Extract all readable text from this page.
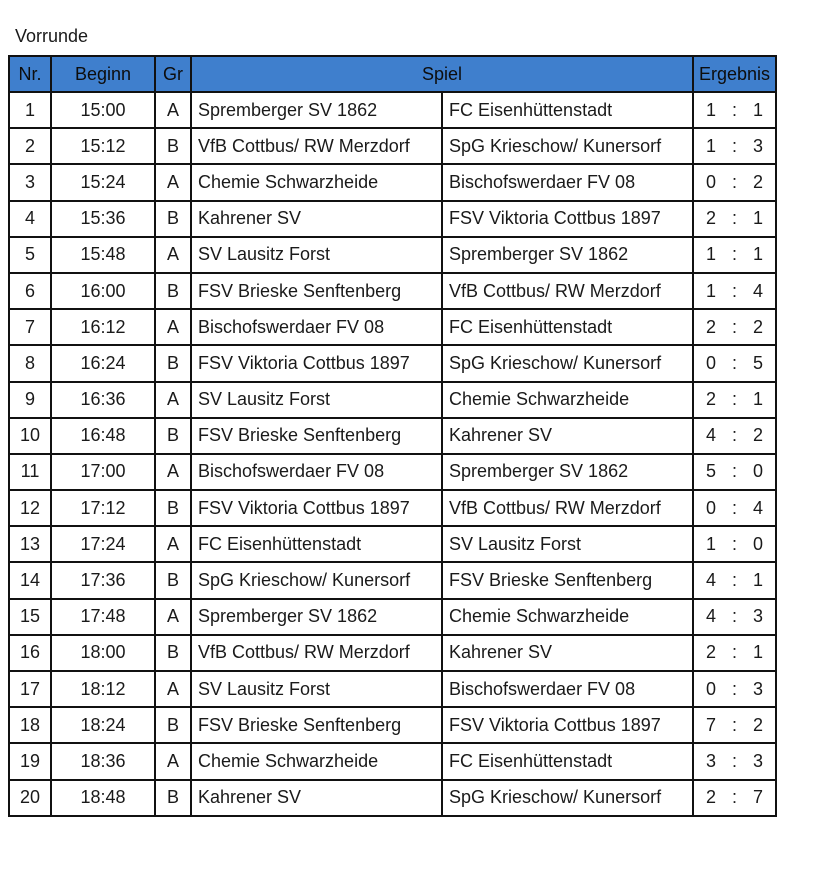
Vorrunde
Nr.	Beginn	Gr	Spiel		Ergebnis
1	15:00	A	Spremberger SV 1862	FC Eisenhüttenstadt	1 : 1

2	15:12	B	VfB Cottbus/ RW Merzdorf	SpG Krieschow/ Kunersorf	1 : 3

3	15:24	A	Chemie Schwarzheide	Bischofswerdaer FV 08	0 : 2

4	15:36	B	Kahrener SV	FSV Viktoria Cottbus 1897	2 : 1

5	15:48	A	SV Lausitz Forst	Spremberger SV 1862	1 : 1

6	16:00	B	FSV Brieske Senftenberg	VfB Cottbus/ RW Merzdorf	1 : 4

7	16:12	A	Bischofswerdaer FV 08	FC Eisenhüttenstadt	2 : 2

8	16:24	B	FSV Viktoria Cottbus 1897	SpG Krieschow/ Kunersorf	0 : 5

9	16:36	A	SV Lausitz Forst	Chemie Schwarzheide	2 : 1

10	16:48	B	FSV Brieske Senftenberg	Kahrener SV	4 : 2

11	17:00	A	Bischofswerdaer FV 08	Spremberger SV 1862	5 : 0

12	17:12	B	FSV Viktoria Cottbus 1897	VfB Cottbus/ RW Merzdorf	0 : 4

13	17:24	A	FC Eisenhüttenstadt	SV Lausitz Forst	1 : 0

14	17:36	B	SpG Krieschow/ Kunersorf	FSV Brieske Senftenberg	4 : 1

15	17:48	A	Spremberger SV 1862	Chemie Schwarzheide	4 : 3

16	18:00	B	VfB Cottbus/ RW Merzdorf	Kahrener SV	2 : 1

17	18:12	A	SV Lausitz Forst	Bischofswerdaer FV 08	0 : 3

18	18:24	B	FSV Brieske Senftenberg	FSV Viktoria Cottbus 1897	7 : 2

19	18:36	A	Chemie Schwarzheide	FC Eisenhüttenstadt	3 : 3

20	18:48	B	Kahrener SV	SpG Krieschow/ Kunersorf	2 : 7
